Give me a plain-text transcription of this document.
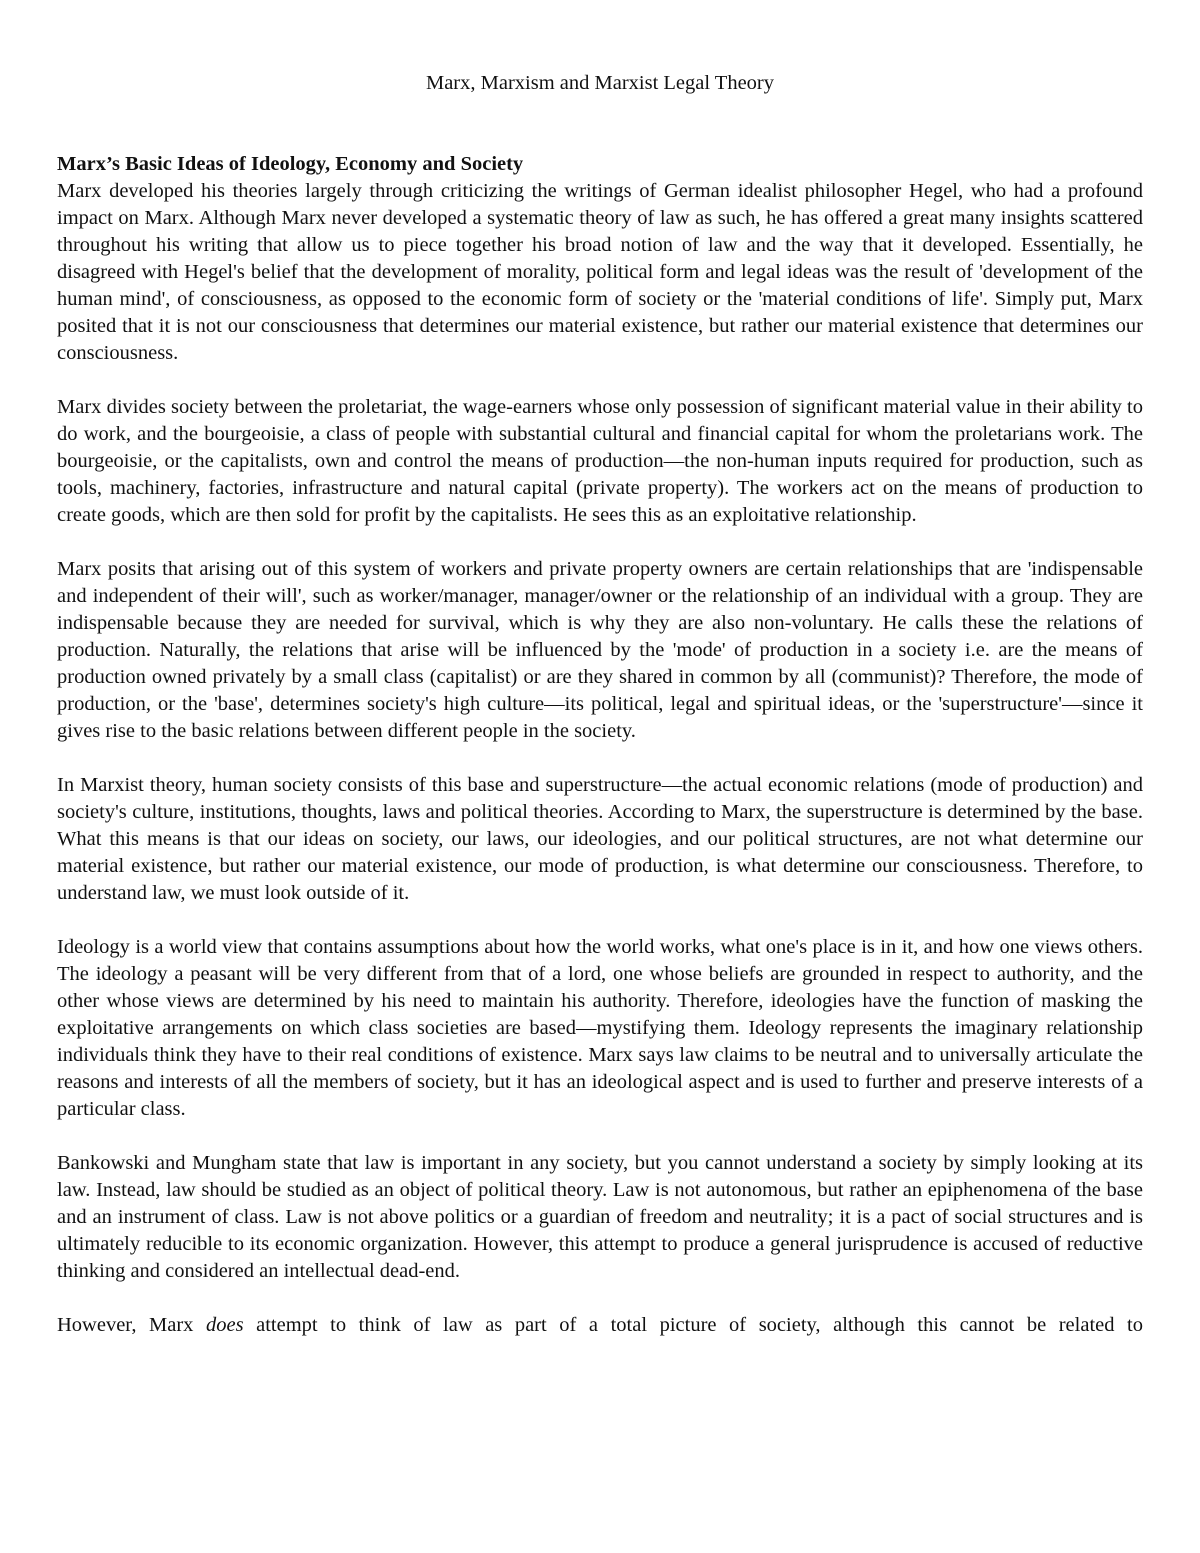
Marx, Marxism and Marxist Legal Theory
Marx’s Basic Ideas of Ideology, Economy and Society

Marx developed his theories largely through criticizing the writings of German idealist philosopher Hegel, who had a profound impact on Marx. Although Marx never developed a systematic theory of law as such, he has offered a great many insights scattered throughout his writing that allow us to piece together his broad notion of law and the way that it developed. Essentially, he disagreed with Hegel's belief that the development of morality, political form and legal ideas was the result of 'development of the human mind', of consciousness, as opposed to the economic form of society or the 'material conditions of life'. Simply put, Marx posited that it is not our consciousness that determines our material existence, but rather our material existence that determines our consciousness.

Marx divides society between the proletariat, the wage-earners whose only possession of significant material value in their ability to do work, and the bourgeoisie, a class of people with substantial cultural and financial capital for whom the proletarians work. The bourgeoisie, or the capitalists, own and control the means of production—the non-human inputs required for production, such as tools, machinery, factories, infrastructure and natural capital (private property). The workers act on the means of production to create goods, which are then sold for profit by the capitalists. He sees this as an exploitative relationship.

Marx posits that arising out of this system of workers and private property owners are certain relationships that are 'indispensable and independent of their will', such as worker/manager, manager/owner or the relationship of an individual with a group. They are indispensable because they are needed for survival, which is why they are also non-voluntary. He calls these the relations of production. Naturally, the relations that arise will be influenced by the 'mode' of production in a society i.e. are the means of production owned privately by a small class (capitalist) or are they shared in common by all (communist)? Therefore, the mode of production, or the 'base', determines society's high culture—its political, legal and spiritual ideas, or the 'superstructure'—since it gives rise to the basic relations between different people in the society.

In Marxist theory, human society consists of this base and superstructure—the actual economic relations (mode of production) and society's culture, institutions, thoughts, laws and political theories. According to Marx, the superstructure is determined by the base. What this means is that our ideas on society, our laws, our ideologies, and our political structures, are not what determine our material existence, but rather our material existence, our mode of production, is what determine our consciousness. Therefore, to understand law, we must look outside of it.

Ideology is a world view that contains assumptions about how the world works, what one's place is in it, and how one views others. The ideology a peasant will be very different from that of a lord, one whose beliefs are grounded in respect to authority, and the other whose views are determined by his need to maintain his authority. Therefore, ideologies have the function of masking the exploitative arrangements on which class societies are based—mystifying them. Ideology represents the imaginary relationship individuals think they have to their real conditions of existence. Marx says law claims to be neutral and to universally articulate the reasons and interests of all the members of society, but it has an ideological aspect and is used to further and preserve interests of a particular class.

Bankowski and Mungham state that law is important in any society, but you cannot understand a society by simply looking at its law. Instead, law should be studied as an object of political theory. Law is not autonomous, but rather an epiphenomena of the base and an instrument of class. Law is not above politics or a guardian of freedom and neutrality; it is a pact of social structures and is ultimately reducible to its economic organization. However, this attempt to produce a general jurisprudence is accused of reductive thinking and considered an intellectual dead-end.

However, Marx does attempt to think of law as part of a total picture of society, although this cannot be related to
